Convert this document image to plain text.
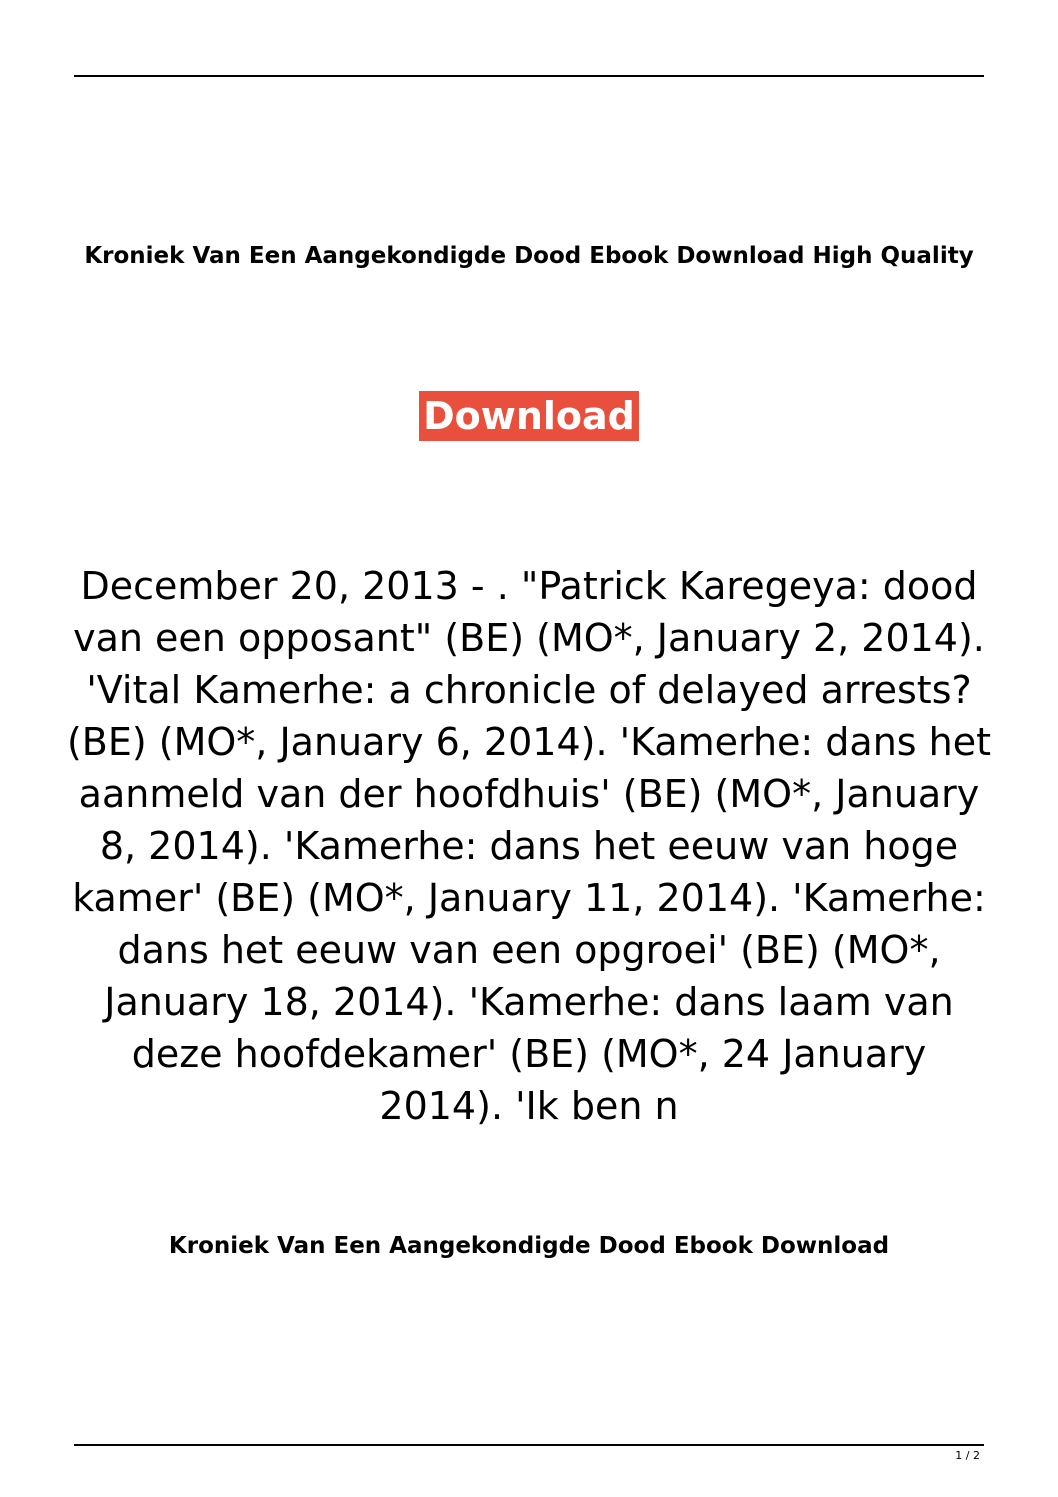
Kroniek Van Een Aangekondigde Dood Ebook Download High Quality
Download

December 20, 2013 - . "Patrick Karegeya: dood van een opposant" (BE) (MO*, January 2, 2014). 'Vital Kamerhe: a chronicle of delayed arrests? (BE) (MO*, January 6, 2014). 'Kamerhe: dans het aanmeld van der hoofdhuis' (BE) (MO*, January 8, 2014). 'Kamerhe: dans het eeuw van hoge kamer' (BE) (MO*, January 11, 2014). 'Kamerhe: dans het eeuw van een opgroei' (BE) (MO*, January 18, 2014). 'Kamerhe: dans laam van deze hoofdekamer' (BE) (MO*, 24 January 2014). 'Ik ben n

Kroniek Van Een Aangekondigde Dood Ebook Download
1 / 2
